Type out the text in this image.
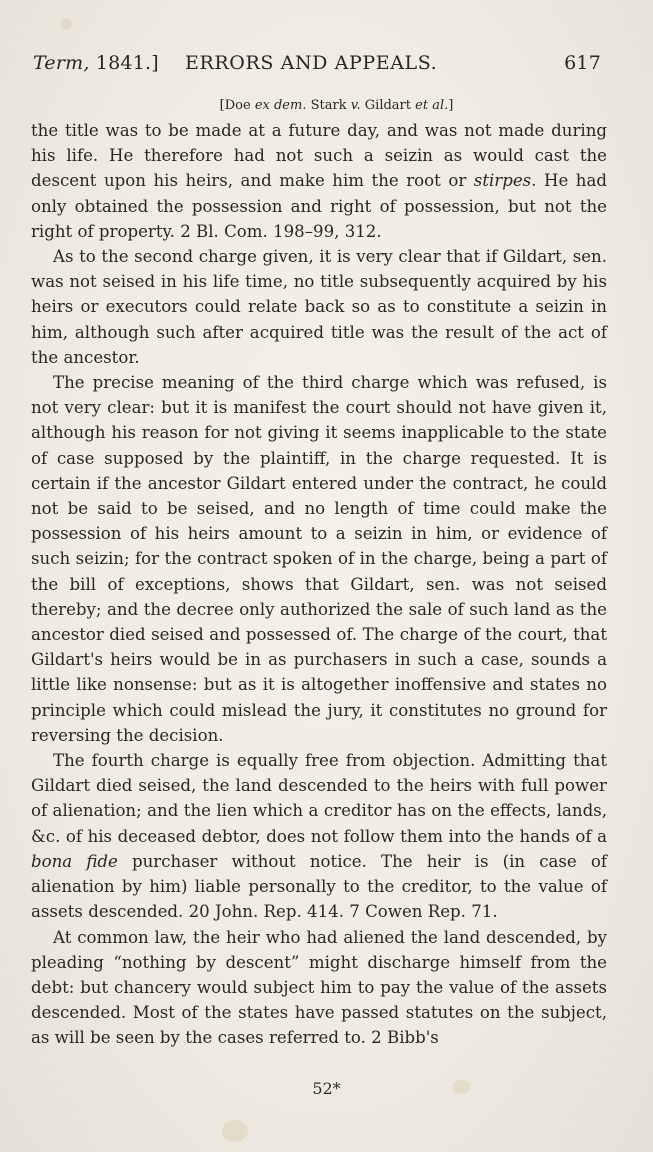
Term, 1841.] ERRORS AND APPEALS.	617
[Doe ex dem. Stark v. Gildart et al.]

the title was to be made at a future day, and was not made during his life. He therefore had not such a seizin as would cast the descent upon his heirs, and make him the root or stirpes. He had only obtained the possession and right of possession, but not the right of property. 2 Bl. Com. 198–99, 312.

As to the second charge given, it is very clear that if Gildart, sen. was not seised in his life time, no title subsequently acquired by his heirs or executors could relate back so as to constitute a seizin in him, although such after acquired title was the result of the act of the ancestor.

The precise meaning of the third charge which was refused, is not very clear: but it is manifest the court should not have given it, although his reason for not giving it seems inapplicable to the state of case supposed by the plaintiff, in the charge requested. It is certain if the ancestor Gildart entered under the contract, he could not be said to be seised, and no length of time could make the possession of his heirs amount to a seizin in him, or evidence of such seizin; for the contract spoken of in the charge, being a part of the bill of exceptions, shows that Gildart, sen. was not seised thereby; and the decree only authorized the sale of such land as the ancestor died seised and possessed of. The charge of the court, that Gildart's heirs would be in as purchasers in such a case, sounds a little like nonsense: but as it is altogether inoffensive and states no principle which could mislead the jury, it constitutes no ground for reversing the decision.

The fourth charge is equally free from objection. Admitting that Gildart died seised, the land descended to the heirs with full power of alienation; and the lien which a creditor has on the effects, lands, &c. of his deceased debtor, does not follow them into the hands of a bona fide purchaser without notice. The heir is (in case of alienation by him) liable personally to the creditor, to the value of assets descended. 20 John. Rep. 414. 7 Cowen Rep. 71.

At common law, the heir who had aliened the land descended, by pleading “nothing by descent” might discharge himself from the debt: but chancery would subject him to pay the value of the assets descended. Most of the states have passed statutes on the subject, as will be seen by the cases referred to. 2 Bibb's

52*
